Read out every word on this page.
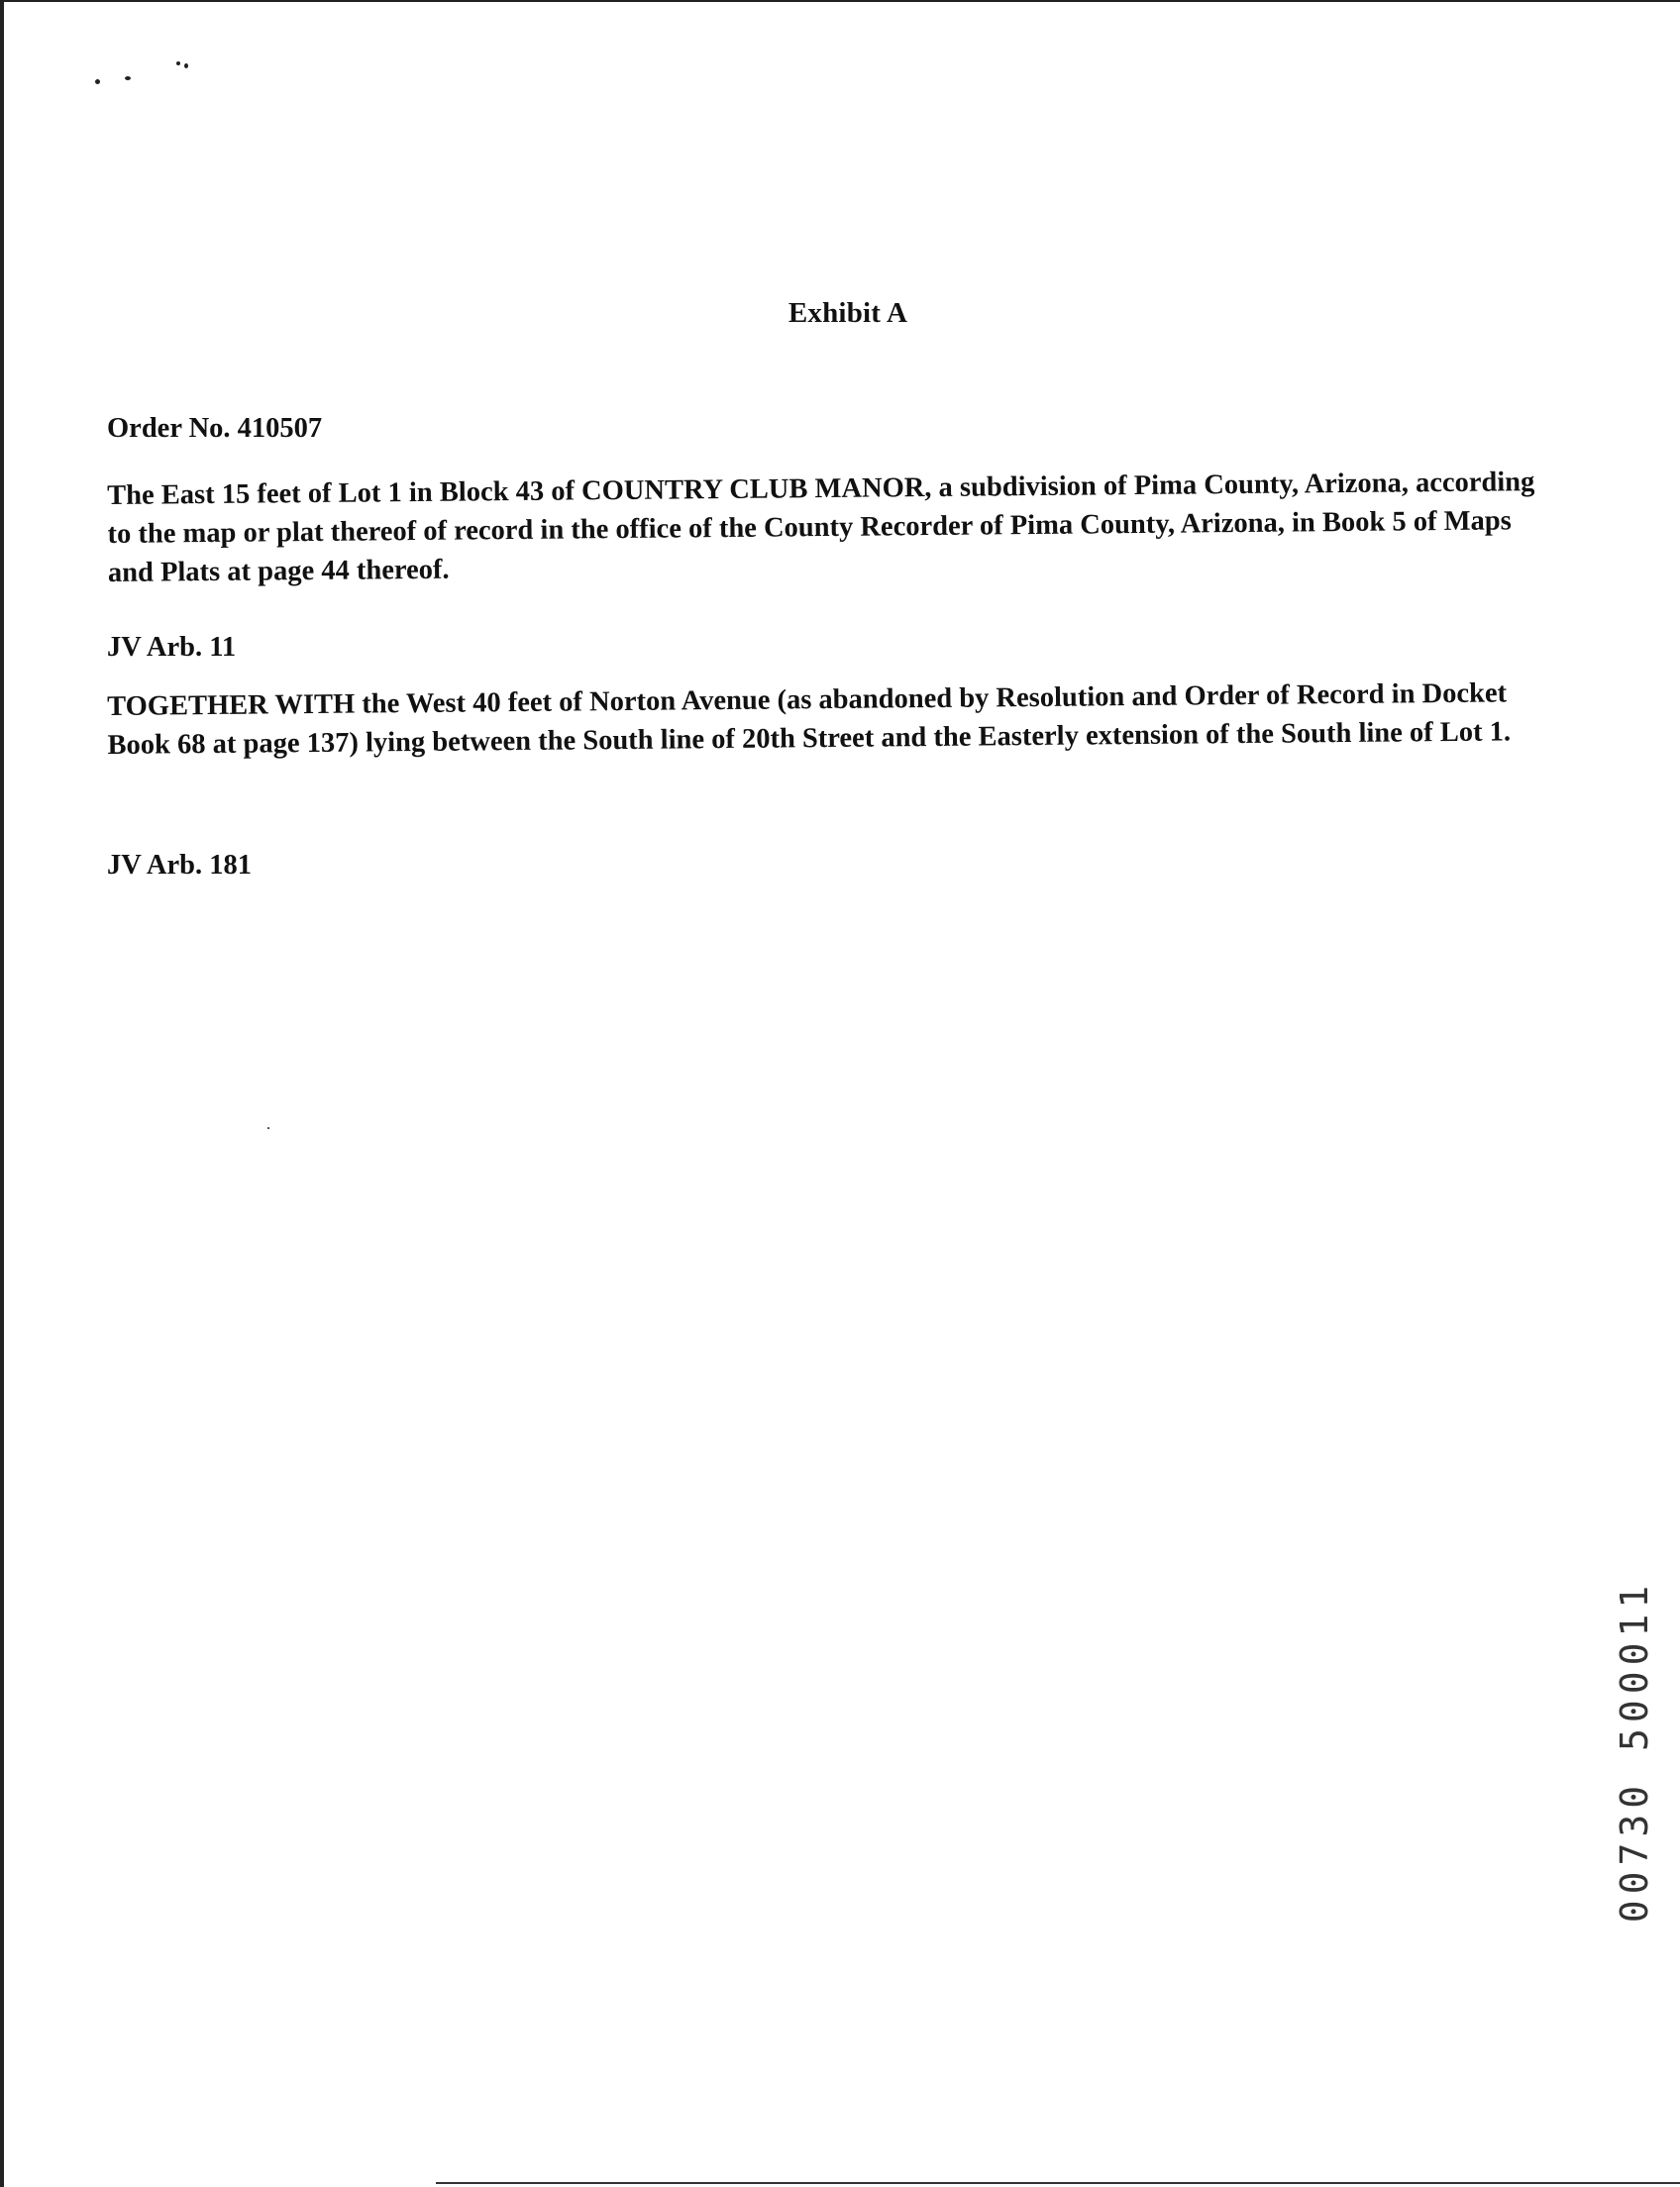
Exhibit A
Order No. 410507
The East 15 feet of Lot 1 in Block 43 of COUNTRY CLUB MANOR, a subdivision of Pima County, Arizona, according to the map or plat thereof of record in the office of the County Recorder of Pima County, Arizona, in Book 5 of Maps and Plats at page 44 thereof.
JV Arb. 11
TOGETHER WITH the West 40 feet of Norton Avenue (as abandoned by Resolution and Order of Record in Docket Book 68 at page 137) lying between the South line of 20th Street and the Easterly extension of the South line of Lot 1.
JV Arb. 181
00730 500011
